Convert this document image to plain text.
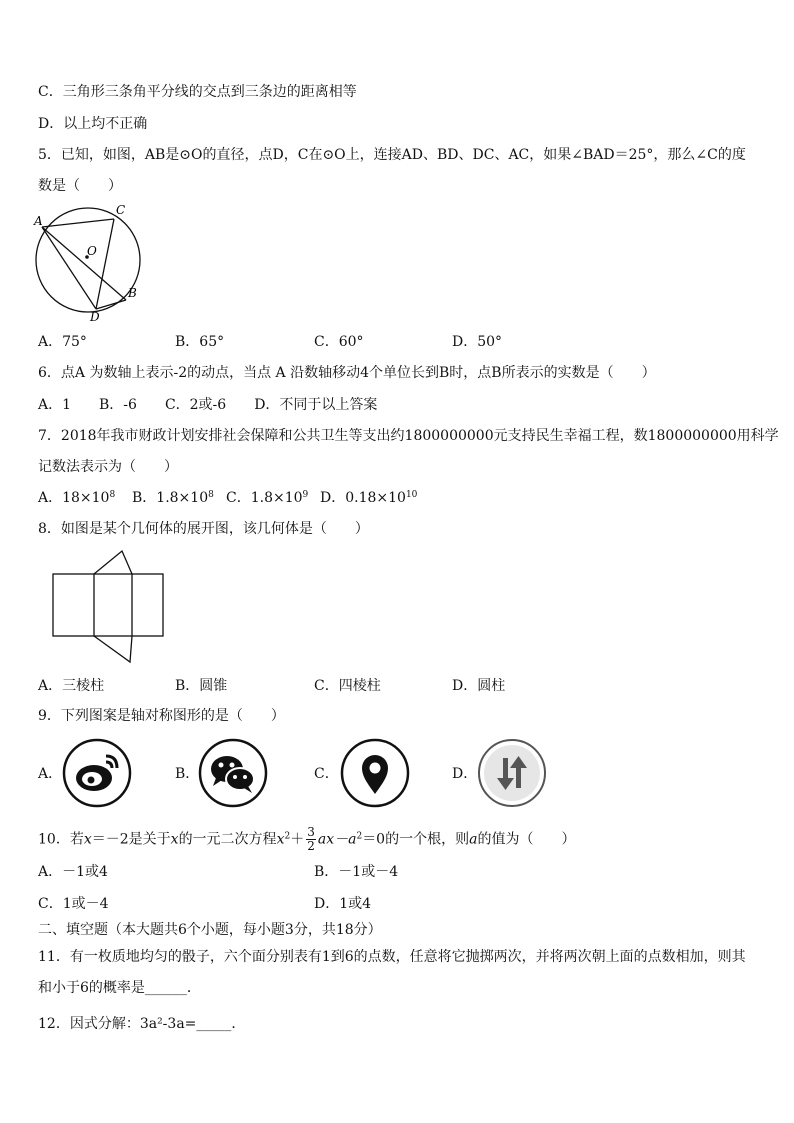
C．三角形三条角平分线的交点到三条边的距离相等
D．以上均不正确
5．已知，如图，AB是⊙O的直径，点D，C在⊙O上，连接AD、BD、DC、AC，如果∠BAD＝25°，那么∠C的度
数是（　　）
A
C
O
B
D
A．75°	B．65°	C．60°	D．50°
6．点A 为数轴上表示-2的动点，当点 A 沿数轴移动4个单位长到B时，点B所表示的实数是（　　）
A．1　　B．-6　　C．2或-6　　D．不同于以上答案
7．2018年我市财政计划安排社会保障和公共卫生等支出约1800000000元支持民生幸福工程，数1800000000用科学
记数法表示为（　　）
A．$18\times 10^8$ B．$1.8\times 10^8$ C．$1.8\times 10^9$ D．$0.18\times 10^{10}$
8．如图是某个几何体的展开图，该几何体是（　　）
A．三棱柱	B．圆锥	C．四棱柱	D．圆柱
9．下列图案是轴对称图形的是（　　）
A．	B．	C．	D．
10．若x＝－2是关于x的一元二次方程$x^2+ \frac{3}{2} ax-a^2=0$的一个根，则a的值为（　　）
A．－1或4	B．－1或－4
C．1或－4	D．1或4
二、填空题（本大题共6个小题，每小题3分，共18分）
11．有一枚质地均匀的骰子，六个面分别表有1到6的点数，任意将它抛掷两次，并将两次朝上面的点数相加，则其
和小于6的概率是______．
12．因式分解：3a²-3a=_____．
